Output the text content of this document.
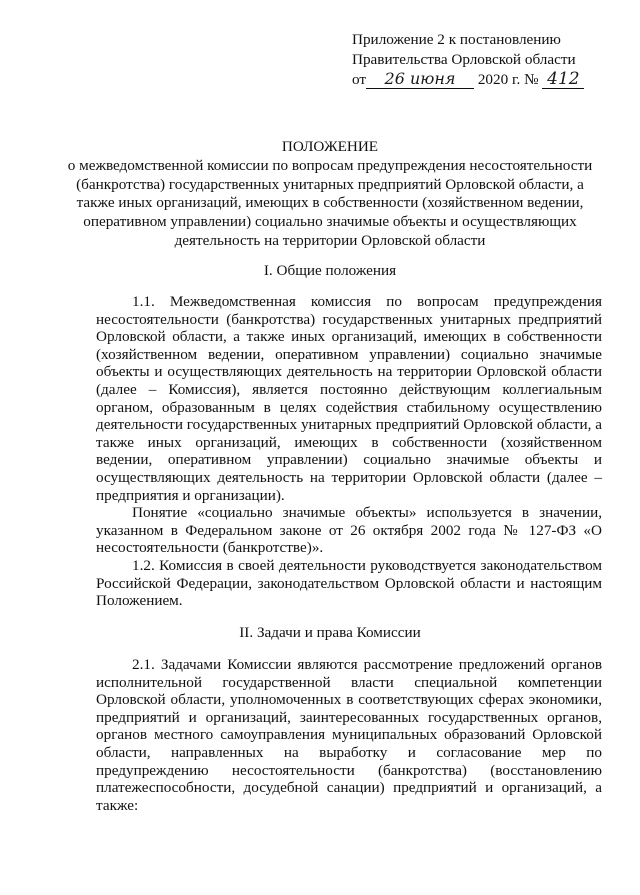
Приложение 2 к постановлению
Правительства Орловской области
от 26 июня 2020 г. № 412
ПОЛОЖЕНИЕ
о межведомственной комиссии по вопросам предупреждения несостоятельности (банкротства) государственных унитарных предприятий Орловской области, а также иных организаций, имеющих в собственности (хозяйственном ведении, оперативном управлении) социально значимые объекты и осуществляющих деятельность на территории Орловской области
I. Общие положения

1.1. Межведомственная комиссия по вопросам предупреждения несостоятельности (банкротства) государственных унитарных предприятий Орловской области, а также иных организаций, имеющих в собственности (хозяйственном ведении, оперативном управлении) социально значимые объекты и осуществляющих деятельность на территории Орловской области (далее – Комиссия), является постоянно действующим коллегиальным органом, образованным в целях содействия стабильному осуществлению деятельности государственных унитарных предприятий Орловской области, а также иных организаций, имеющих в собственности (хозяйственном ведении, оперативном управлении) социально значимые объекты и осуществляющих деятельность на территории Орловской области (далее – предприятия и организации).

Понятие «социально значимые объекты» используется в значении, указанном в Федеральном законе от 26 октября 2002 года № 127-ФЗ «О несостоятельности (банкротстве)».

1.2. Комиссия в своей деятельности руководствуется законодательством Российской Федерации, законодательством Орловской области и настоящим Положением.

II. Задачи и права Комиссии

2.1. Задачами Комиссии являются рассмотрение предложений органов исполнительной государственной власти специальной компетенции Орловской области, уполномоченных в соответствующих сферах экономики, предприятий и организаций, заинтересованных государственных органов, органов местного самоуправления муниципальных образований Орловской области, направленных на выработку и согласование мер по предупреждению несостоятельности (банкротства) (восстановлению платежеспособности, досудебной санации) предприятий и организаций, а также:
